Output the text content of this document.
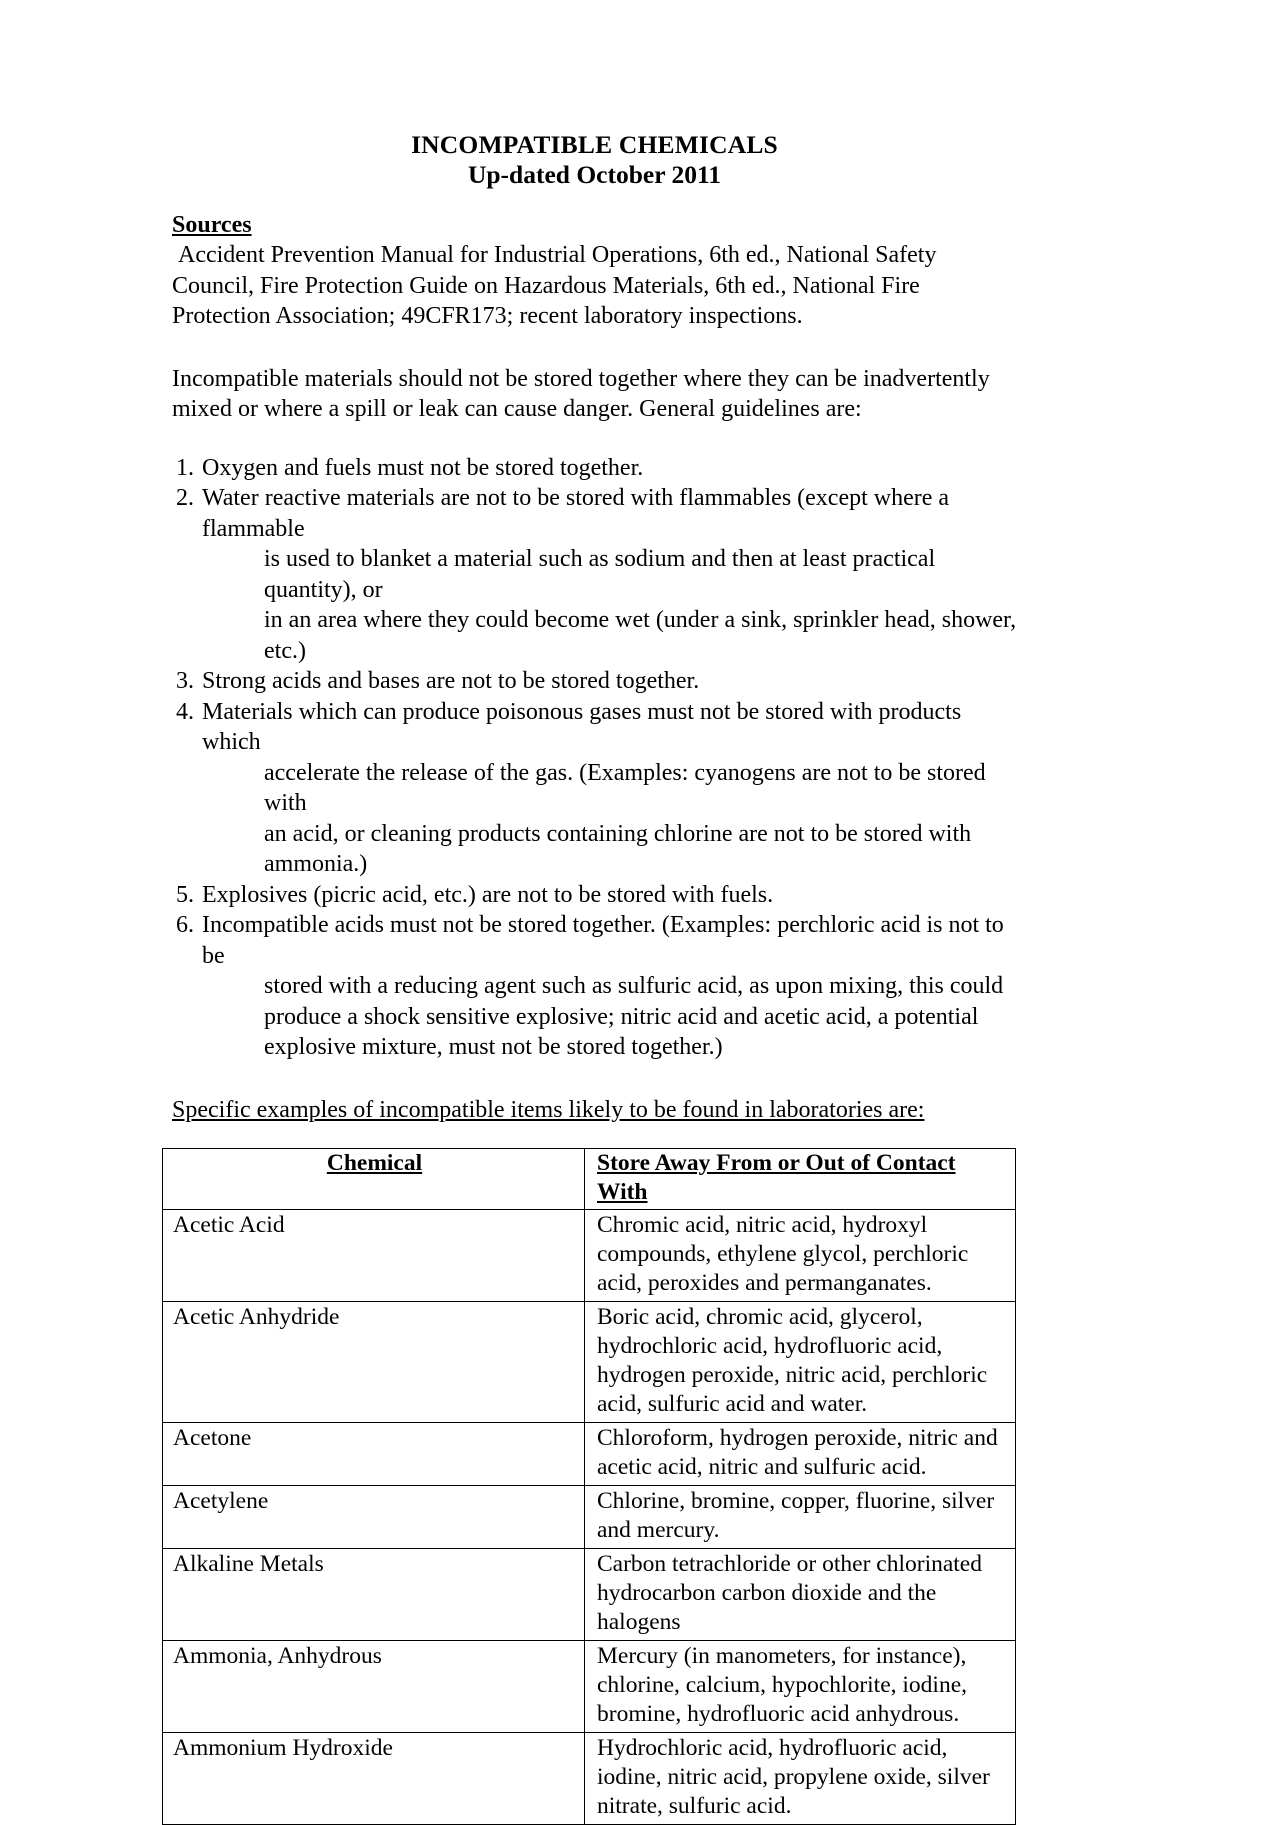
INCOMPATIBLE CHEMICALS
Up-dated October 2011
Sources

Accident Prevention Manual for Industrial Operations, 6th ed., National Safety Council, Fire Protection Guide on Hazardous Materials, 6th ed., National Fire Protection Association; 49CFR173; recent laboratory inspections.

Incompatible materials should not be stored together where they can be inadvertently mixed or where a spill or leak can cause danger. General guidelines are:

1. Oxygen and fuels must not be stored together.
2. Water reactive materials are not to be stored with flammables (except where a flammable
is used to blanket a material such as sodium and then at least practical quantity), or
in an area where they could become wet (under a sink, sprinkler head, shower, etc.)
3. Strong acids and bases are not to be stored together.
4. Materials which can produce poisonous gases must not be stored with products which
accelerate the release of the gas. (Examples: cyanogens are not to be stored with
an acid, or cleaning products containing chlorine are not to be stored with
ammonia.)
5. Explosives (picric acid, etc.) are not to be stored with fuels.
6. Incompatible acids must not be stored together. (Examples: perchloric acid is not to be
stored with a reducing agent such as sulfuric acid, as upon mixing, this could
produce a shock sensitive explosive; nitric acid and acetic acid, a potential
explosive mixture, must not be stored together.)
Specific examples of incompatible items likely to be found in laboratories are:
Chemical	Store Away From or Out of Contact With
Acetic Acid	Chromic acid, nitric acid, hydroxyl
compounds, ethylene glycol, perchloric
acid, peroxides and permanganates.

Acetic Anhydride	Boric acid, chromic acid, glycerol,
hydrochloric acid, hydrofluoric acid,
hydrogen peroxide, nitric acid, perchloric
acid, sulfuric acid and water.

Acetone	Chloroform, hydrogen peroxide, nitric and
acetic acid, nitric and sulfuric acid.

Acetylene	Chlorine, bromine, copper, fluorine, silver
and mercury.

Alkaline Metals	Carbon tetrachloride or other chlorinated
hydrocarbon carbon dioxide and the
halogens

Ammonia, Anhydrous	Mercury (in manometers, for instance),
chlorine, calcium, hypochlorite, iodine,
bromine, hydrofluoric acid anhydrous.

Ammonium Hydroxide	Hydrochloric acid, hydrofluoric acid,
iodine, nitric acid, propylene oxide, silver
nitrate, sulfuric acid.
